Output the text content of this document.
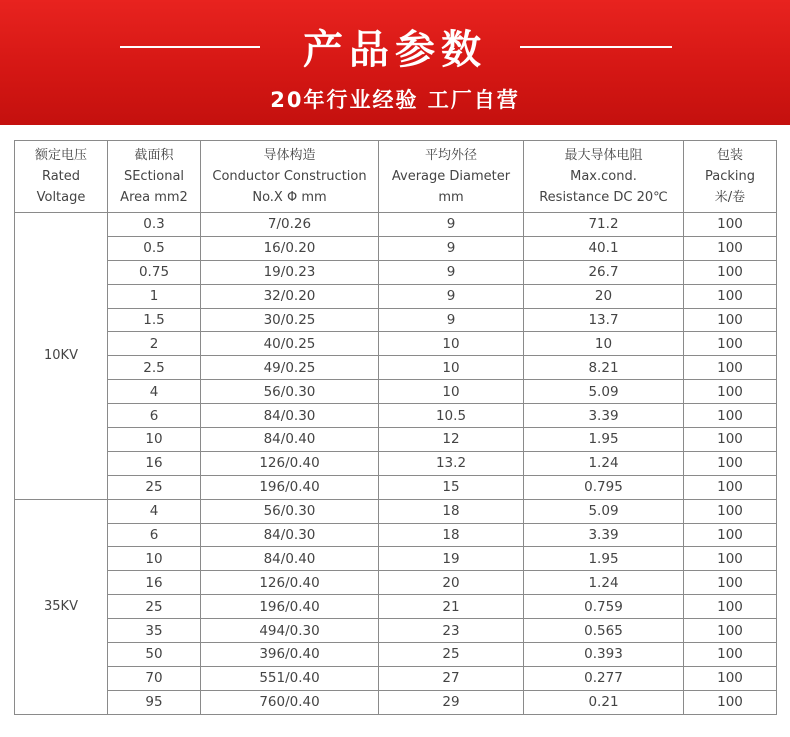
产品参数
20年行业经验 工厂自营
额定电压
Rated
Voltage	截面积
SEctional
Area mm2	导体构造
Conductor Construction
No.X Φ mm	平均外径
Average Diameter
mm	最大导体电阻
Max.cond.
Resistance DC 20℃	包装
Packing
米/卷

10KV	0.3	7/0.26	9	71.2	100
	0.5	16/0.20	9	40.1	100
	0.75	19/0.23	9	26.7	100
	1	32/0.20	9	20	100
	1.5	30/0.25	9	13.7	100
	2	40/0.25	10	10	100
	2.5	49/0.25	10	8.21	100
	4	56/0.30	10	5.09	100
	6	84/0.30	10.5	3.39	100
	10	84/0.40	12	1.95	100
	16	126/0.40	13.2	1.24	100
	25	196/0.40	15	0.795	100
35KV	4	56/0.30	18	5.09	100
	6	84/0.30	18	3.39	100
	10	84/0.40	19	1.95	100
	16	126/0.40	20	1.24	100
	25	196/0.40	21	0.759	100
	35	494/0.30	23	0.565	100
	50	396/0.40	25	0.393	100
	70	551/0.40	27	0.277	100
	95	760/0.40	29	0.21	100
